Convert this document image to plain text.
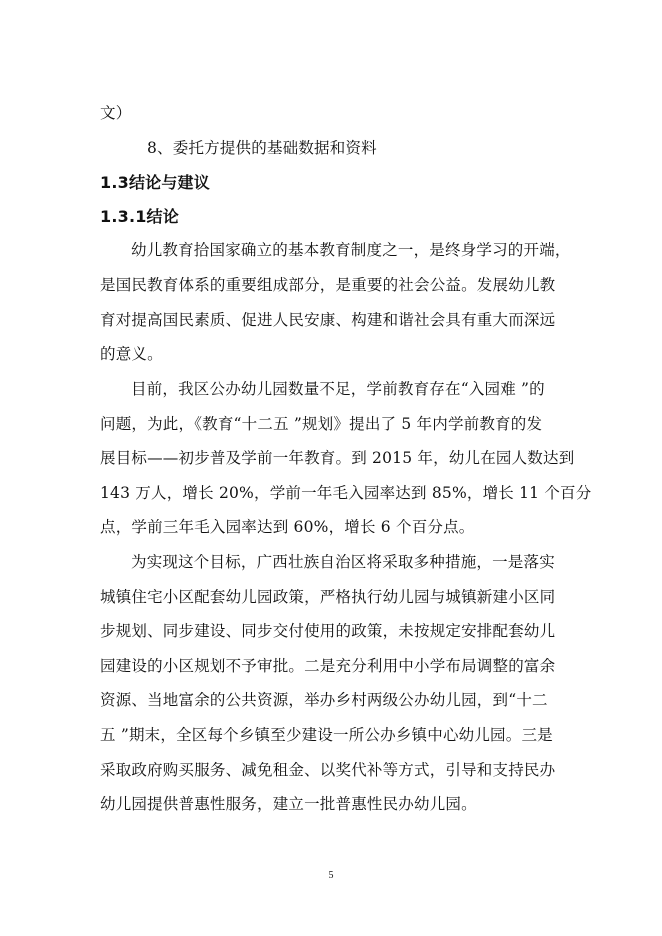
文）
8、委托方提供的基础数据和资料
1.3结论与建议
1.3.1结论
幼儿教育拾国家确立的基本教育制度之一，是终身学习的开端，
是国民教育体系的重要组成部分，是重要的社会公益。发展幼儿教
育对提高国民素质、促进人民安康、构建和谐社会具有重大而深远
的意义。
目前，我区公办幼儿园数量不足，学前教育存在“入园难 ”的
问题，为此，《教育“十二五 ”规划》提出了 5 年内学前教育的发
展目标——初步普及学前一年教育。到 2015 年，幼儿在园人数达到
143 万人，增长 20%，学前一年毛入园率达到 85%，增长 11 个百分
点，学前三年毛入园率达到 60%，增长 6 个百分点。
为实现这个目标，广西壮族自治区将采取多种措施，一是落实
城镇住宅小区配套幼儿园政策，严格执行幼儿园与城镇新建小区同
步规划、同步建设、同步交付使用的政策，未按规定安排配套幼儿
园建设的小区规划不予审批。二是充分利用中小学布局调整的富余
资源、当地富余的公共资源，举办乡村两级公办幼儿园，到“十二
五 ”期末，全区每个乡镇至少建设一所公办乡镇中心幼儿园。三是
采取政府购买服务、减免租金、以奖代补等方式，引导和支持民办
幼儿园提供普惠性服务，建立一批普惠性民办幼儿园。
5
